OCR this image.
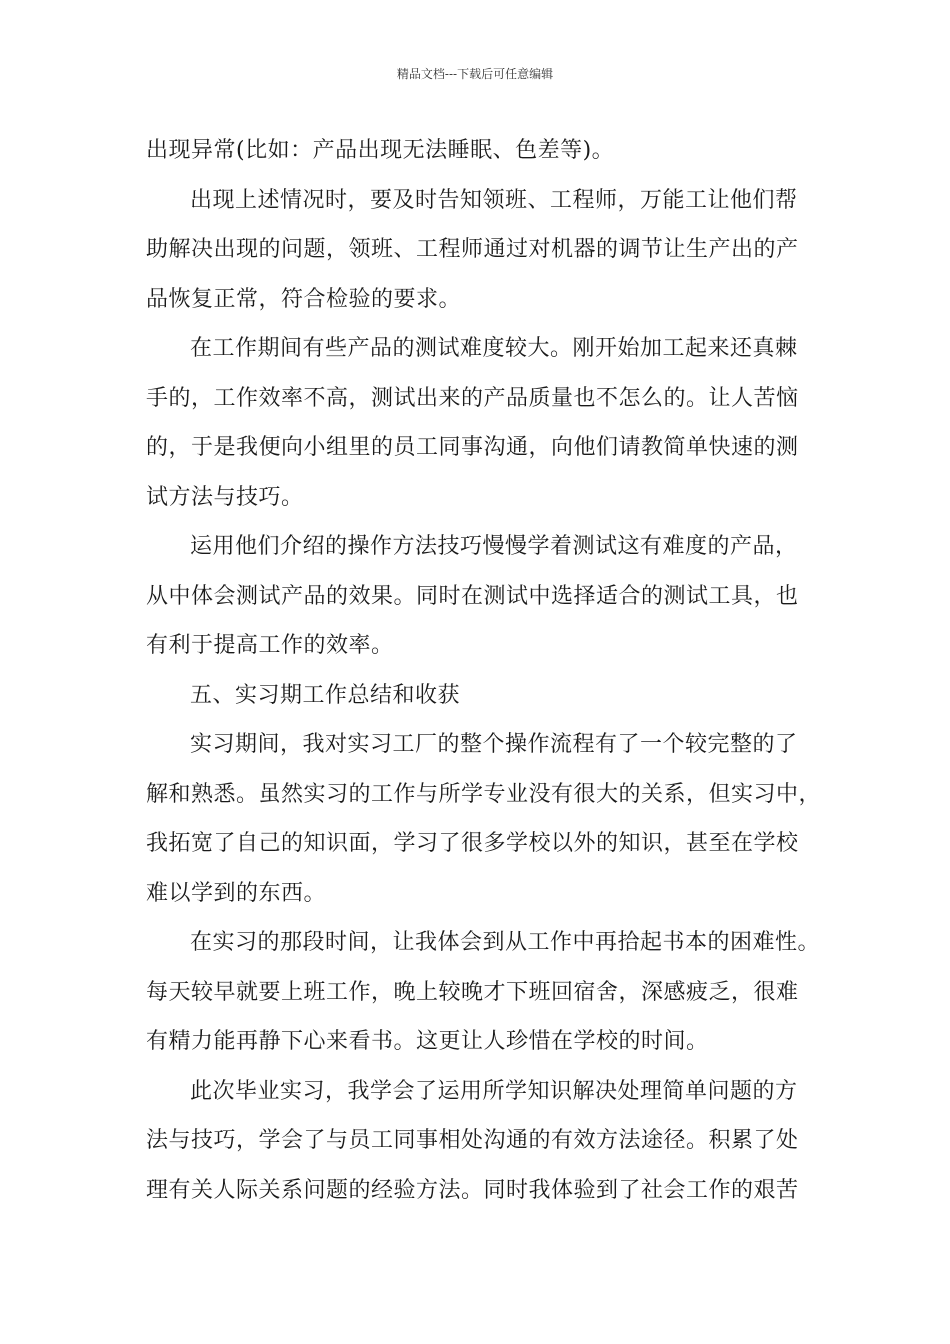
精品文档---下载后可任意编辑
出现异常(比如：产品出现无法睡眠、色差等)。
出现上述情况时，要及时告知领班、工程师，万能工让他们帮
助解决出现的问题，领班、工程师通过对机器的调节让生产出的产
品恢复正常，符合检验的要求。
在工作期间有些产品的测试难度较大。刚开始加工起来还真棘
手的，工作效率不高，测试出来的产品质量也不怎么的。让人苦恼
的，于是我便向小组里的员工同事沟通，向他们请教简单快速的测
试方法与技巧。
运用他们介绍的操作方法技巧慢慢学着测试这有难度的产品，
从中体会测试产品的效果。同时在测试中选择适合的测试工具，也
有利于提高工作的效率。
五、实习期工作总结和收获
实习期间，我对实习工厂的整个操作流程有了一个较完整的了
解和熟悉。虽然实习的工作与所学专业没有很大的关系，但实习中，
我拓宽了自己的知识面，学习了很多学校以外的知识，甚至在学校
难以学到的东西。
在实习的那段时间，让我体会到从工作中再拾起书本的困难性。
每天较早就要上班工作，晚上较晚才下班回宿舍，深感疲乏，很难
有精力能再静下心来看书。这更让人珍惜在学校的时间。
此次毕业实习，我学会了运用所学知识解决处理简单问题的方
法与技巧，学会了与员工同事相处沟通的有效方法途径。积累了处
理有关人际关系问题的经验方法。同时我体验到了社会工作的艰苦
